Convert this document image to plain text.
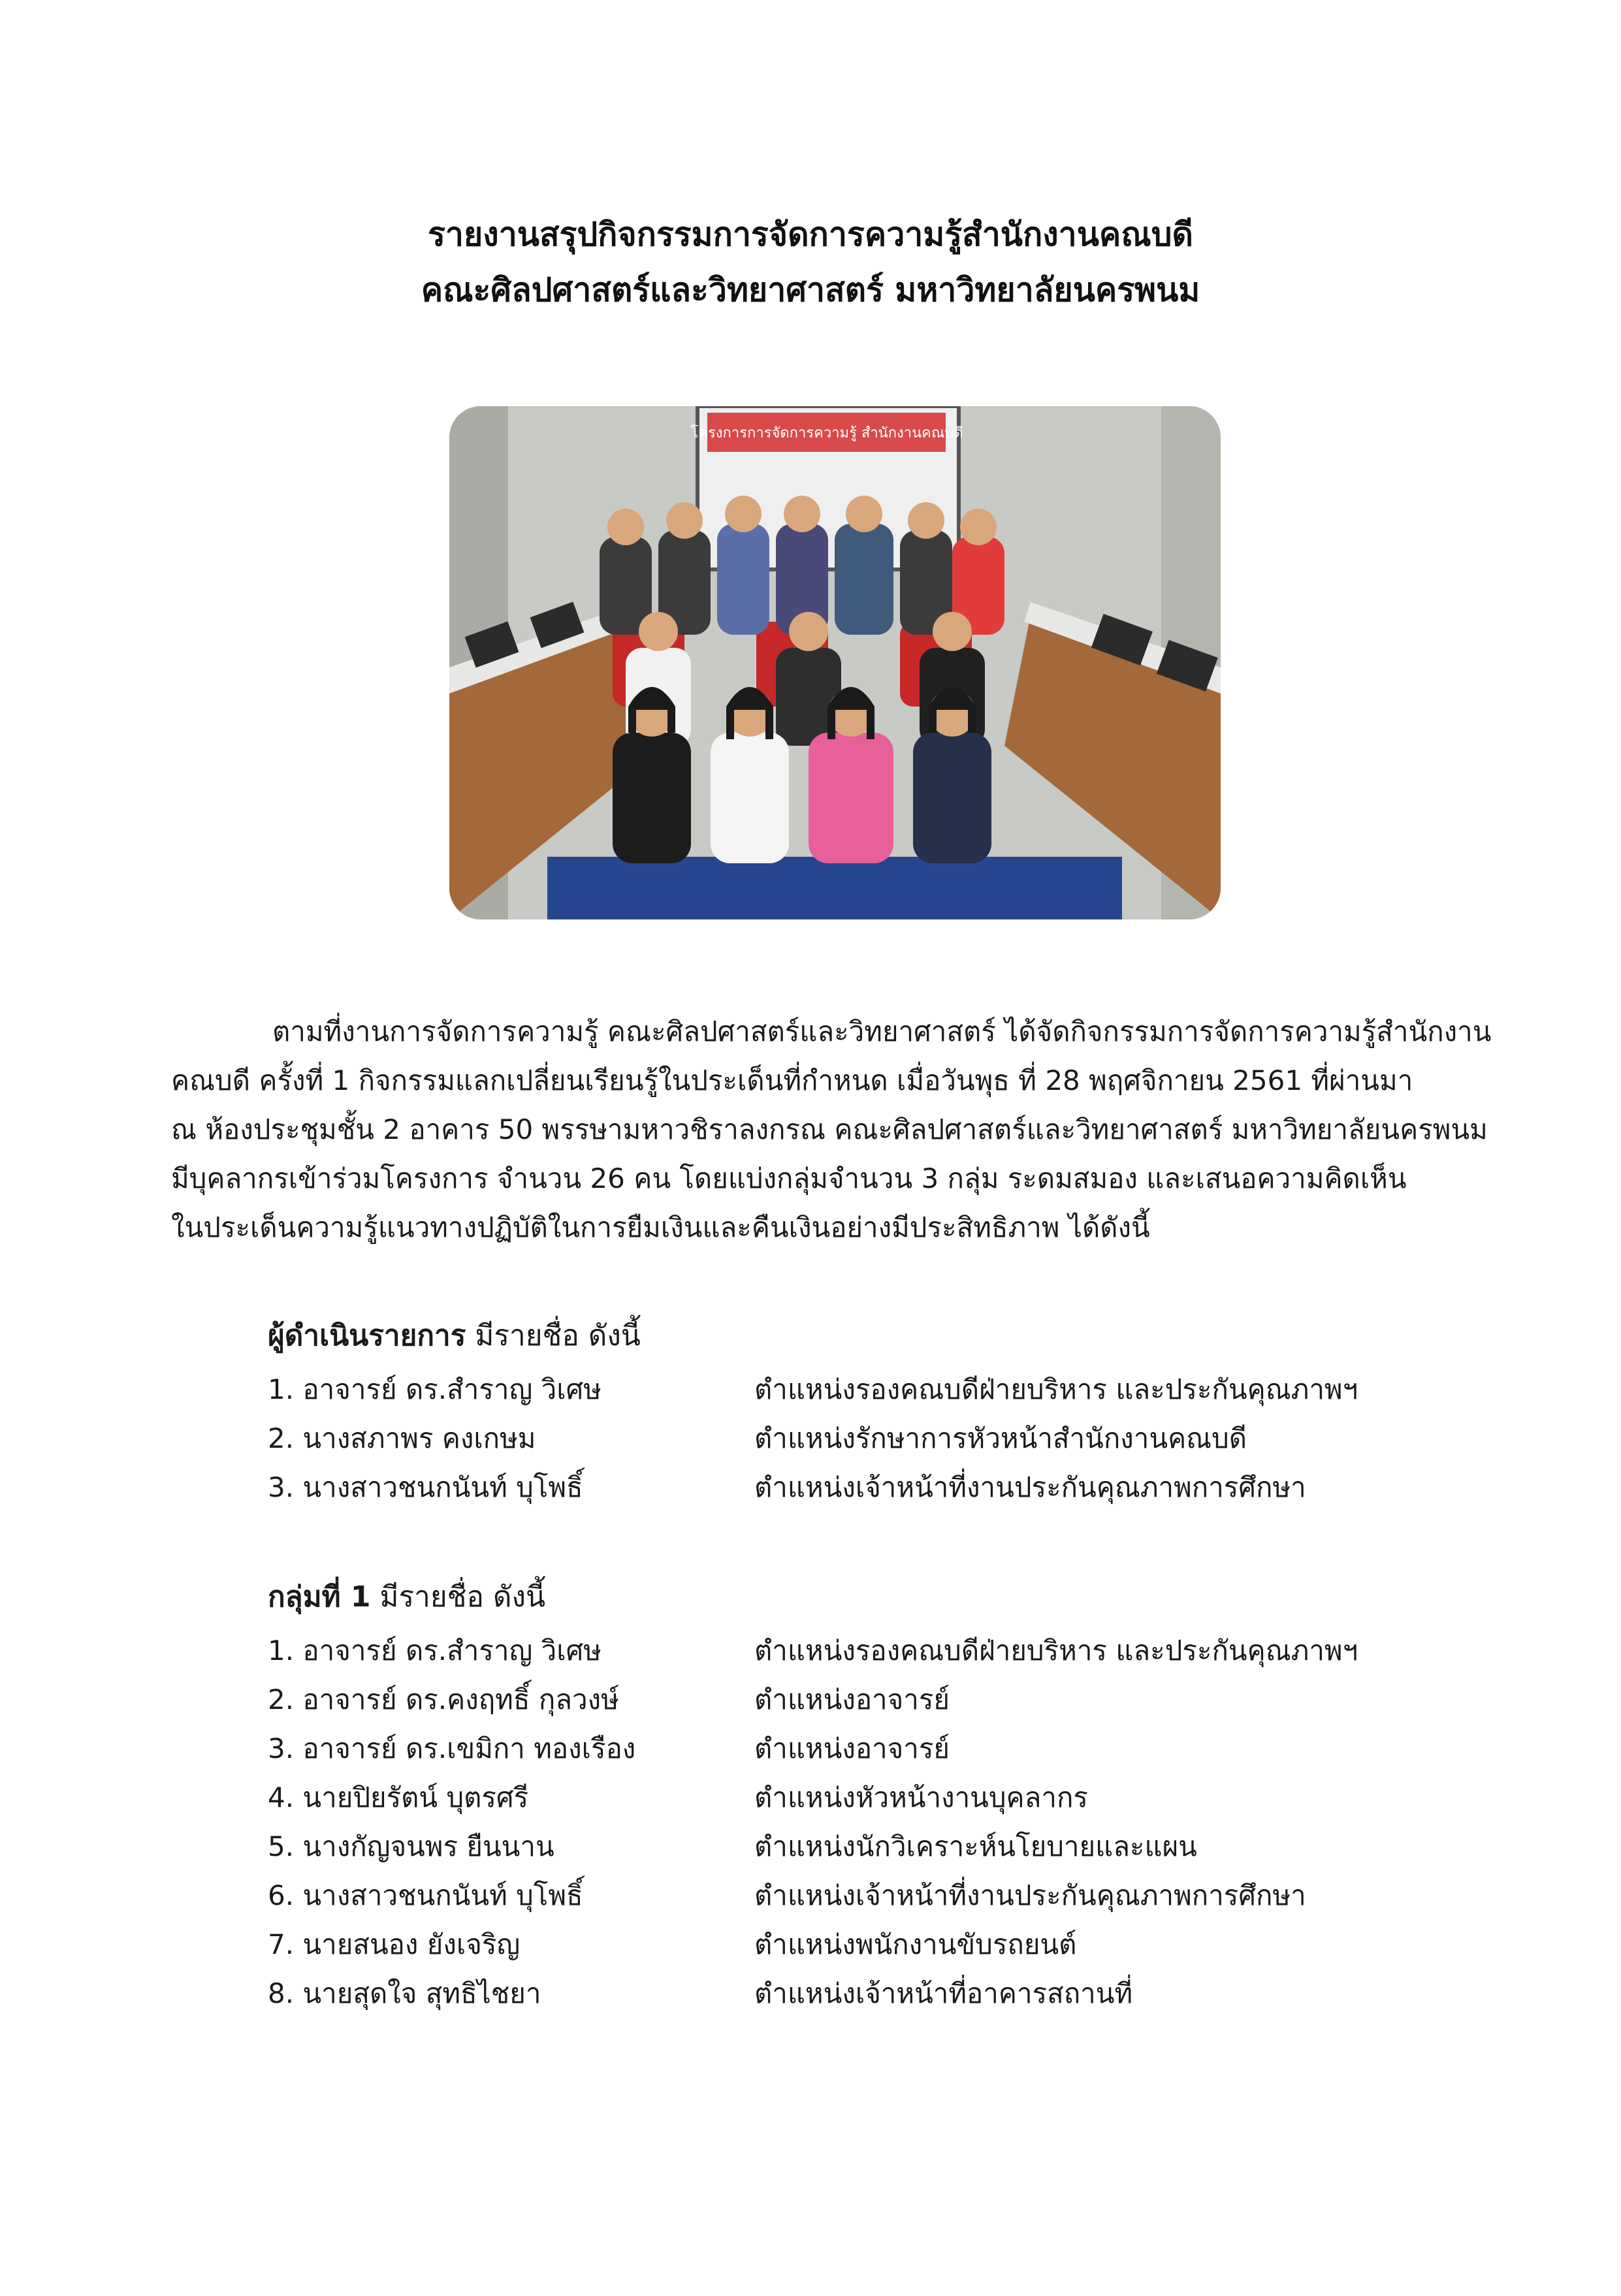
รายงานสรุปกิจกรรมการจัดการความรู้สำนักงานคณบดี
คณะศิลปศาสตร์และวิทยาศาสตร์ มหาวิทยาลัยนครพนม
โครงการการจัดการความรู้ สำนักงานคณบดี
ตามที่งานการจัดการความรู้ คณะศิลปศาสตร์และวิทยาศาสตร์ ได้จัดกิจกรรมการจัดการความรู้สำนักงาน
คณบดี ครั้งที่ 1 กิจกรรมแลกเปลี่ยนเรียนรู้ในประเด็นที่กำหนด เมื่อวันพุธ ที่ 28 พฤศจิกายน 2561 ที่ผ่านมา
ณ ห้องประชุมชั้น 2 อาคาร 50 พรรษามหาวชิราลงกรณ คณะศิลปศาสตร์และวิทยาศาสตร์ มหาวิทยาลัยนครพนม
มีบุคลากรเข้าร่วมโครงการ จำนวน 26 คน โดยแบ่งกลุ่มจำนวน 3 กลุ่ม ระดมสมอง และเสนอความคิดเห็น
ในประเด็นความรู้แนวทางปฏิบัติในการยืมเงินและคืนเงินอย่างมีประสิทธิภาพ ได้ดังนี้
ผู้ดำเนินรายการ มีรายชื่อ ดังนี้
1. อาจารย์ ดร.สำราญ วิเศษ	ตำแหน่งรองคณบดีฝ่ายบริหาร และประกันคุณภาพฯ
2. นางสภาพร คงเกษม	ตำแหน่งรักษาการหัวหน้าสำนักงานคณบดี
3. นางสาวชนกนันท์ บุโพธิ์	ตำแหน่งเจ้าหน้าที่งานประกันคุณภาพการศึกษา
กลุ่มที่ 1 มีรายชื่อ ดังนี้
1. อาจารย์ ดร.สำราญ วิเศษ	ตำแหน่งรองคณบดีฝ่ายบริหาร และประกันคุณภาพฯ
2. อาจารย์ ดร.คงฤทธิ์ กุลวงษ์	ตำแหน่งอาจารย์
3. อาจารย์ ดร.เขมิกา ทองเรือง	ตำแหน่งอาจารย์
4. นายปิยรัตน์ บุตรศรี	ตำแหน่งหัวหน้างานบุคลากร
5. นางกัญจนพร ยืนนาน	ตำแหน่งนักวิเคราะห์นโยบายและแผน
6. นางสาวชนกนันท์ บุโพธิ์	ตำแหน่งเจ้าหน้าที่งานประกันคุณภาพการศึกษา
7. นายสนอง ยังเจริญ	ตำแหน่งพนักงานขับรถยนต์
8. นายสุดใจ สุทธิไชยา	ตำแหน่งเจ้าหน้าที่อาคารสถานที่
